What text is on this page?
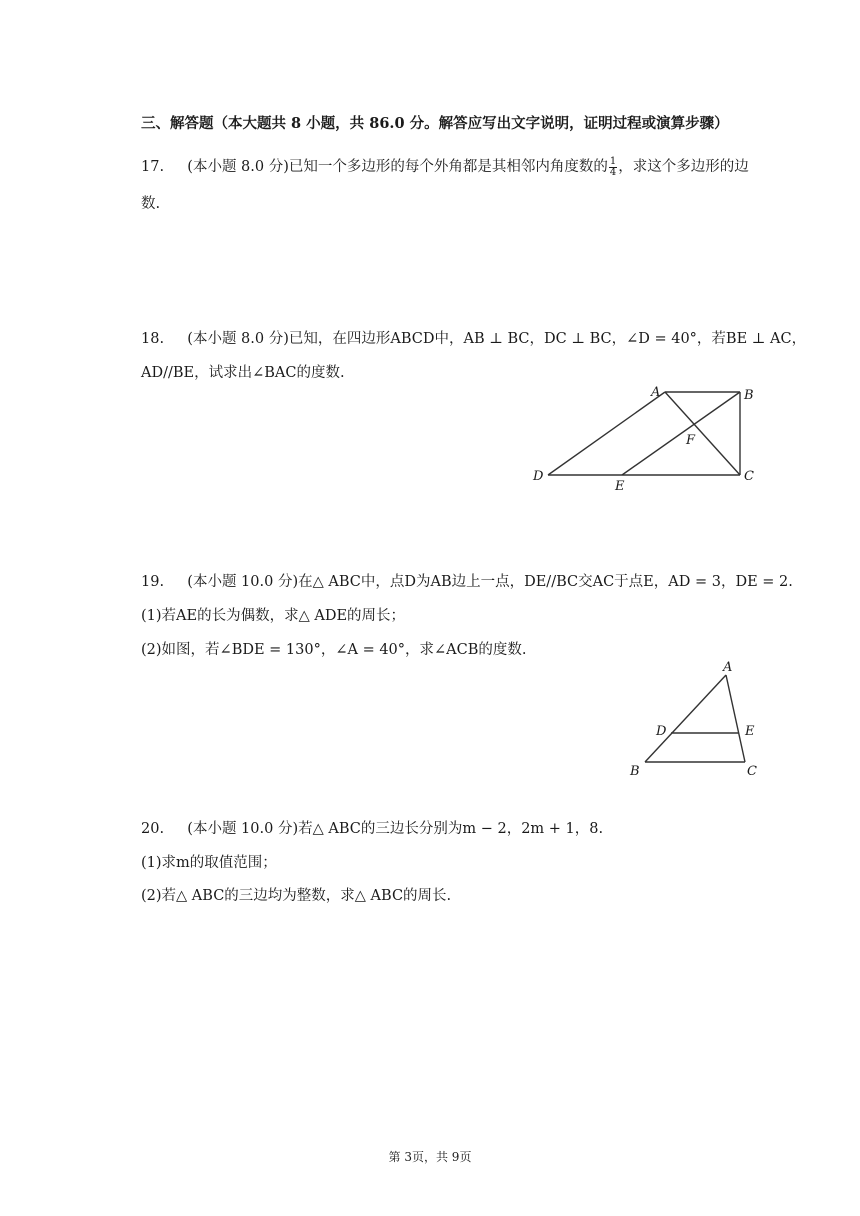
三、解答题（本大题共 8 小题，共 86.0 分。解答应写出文字说明，证明过程或演算步骤）
17. (本小题 8.0 分)已知一个多边形的每个外角都是其相邻内角度数的 $\frac{1}{4}$ ，求这个多边形的边
数.
18. (本小题 8.0 分)已知，在四边形ABCD中，AB ⊥ BC，DC ⊥ BC，∠D = 40°，若BE ⊥ AC，
AD//BE，试求出∠BAC的度数.
A	B
C
D
E
F
19. (本小题 10.0 分)在△ ABC中，点D为AB边上一点，DE//BC交AC于点E，AD = 3，DE = 2.
(1)若AE的长为偶数，求△ ADE的周长；
(2)如图，若∠BDE = 130°，∠A = 40°，求∠ACB的度数.
A
B	C
D	E
20. (本小题 10.0 分)若△ ABC的三边长分别为m − 2，2m + 1，8.
(1)求m的取值范围；
(2)若△ ABC的三边均为整数，求△ ABC的周长.
第 3页，共 9页
